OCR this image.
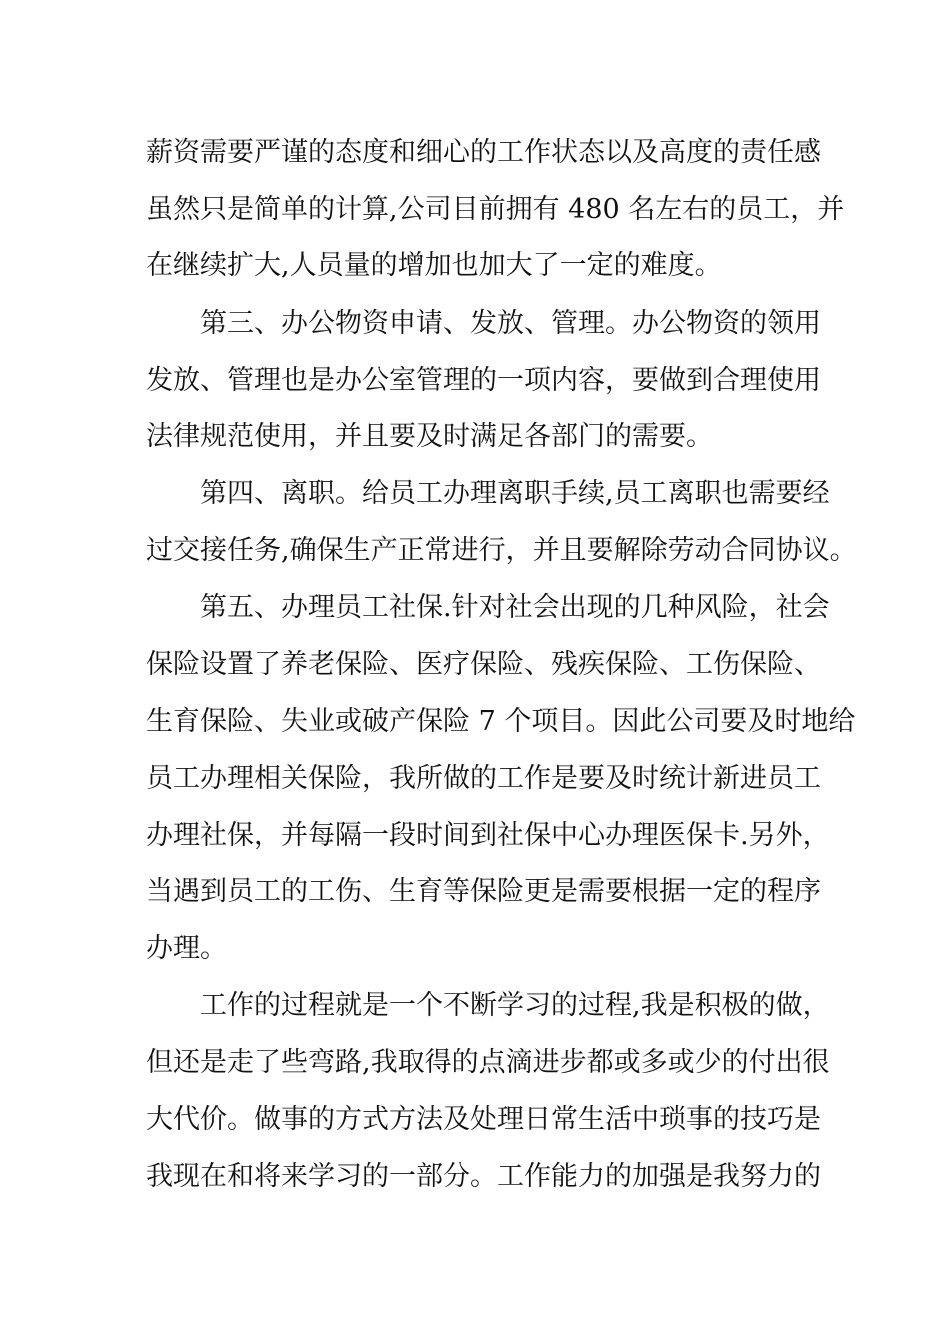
薪资需要严谨的态度和细心的工作状态以及高度的责任感
虽然只是简单的计算,公司目前拥有 480 名左右的员工，并
在继续扩大,人员量的增加也加大了一定的难度。
第三、办公物资申请、发放、管理。办公物资的领用
发放、管理也是办公室管理的一项内容，要做到合理使用
法律规范使用，并且要及时满足各部门的需要。
第四、离职。给员工办理离职手续,员工离职也需要经
过交接任务,确保生产正常进行，并且要解除劳动合同协议。
第五、办理员工社保.针对社会出现的几种风险，社会
保险设置了养老保险、医疗保险、残疾保险、工伤保险、
生育保险、失业或破产保险 7 个项目。因此公司要及时地给
员工办理相关保险，我所做的工作是要及时统计新进员工
办理社保，并每隔一段时间到社保中心办理医保卡.另外，
当遇到员工的工伤、生育等保险更是需要根据一定的程序
办理。
工作的过程就是一个不断学习的过程,我是积极的做，
但还是走了些弯路,我取得的点滴进步都或多或少的付出很
大代价。做事的方式方法及处理日常生活中琐事的技巧是
我现在和将来学习的一部分。工作能力的加强是我努力的
